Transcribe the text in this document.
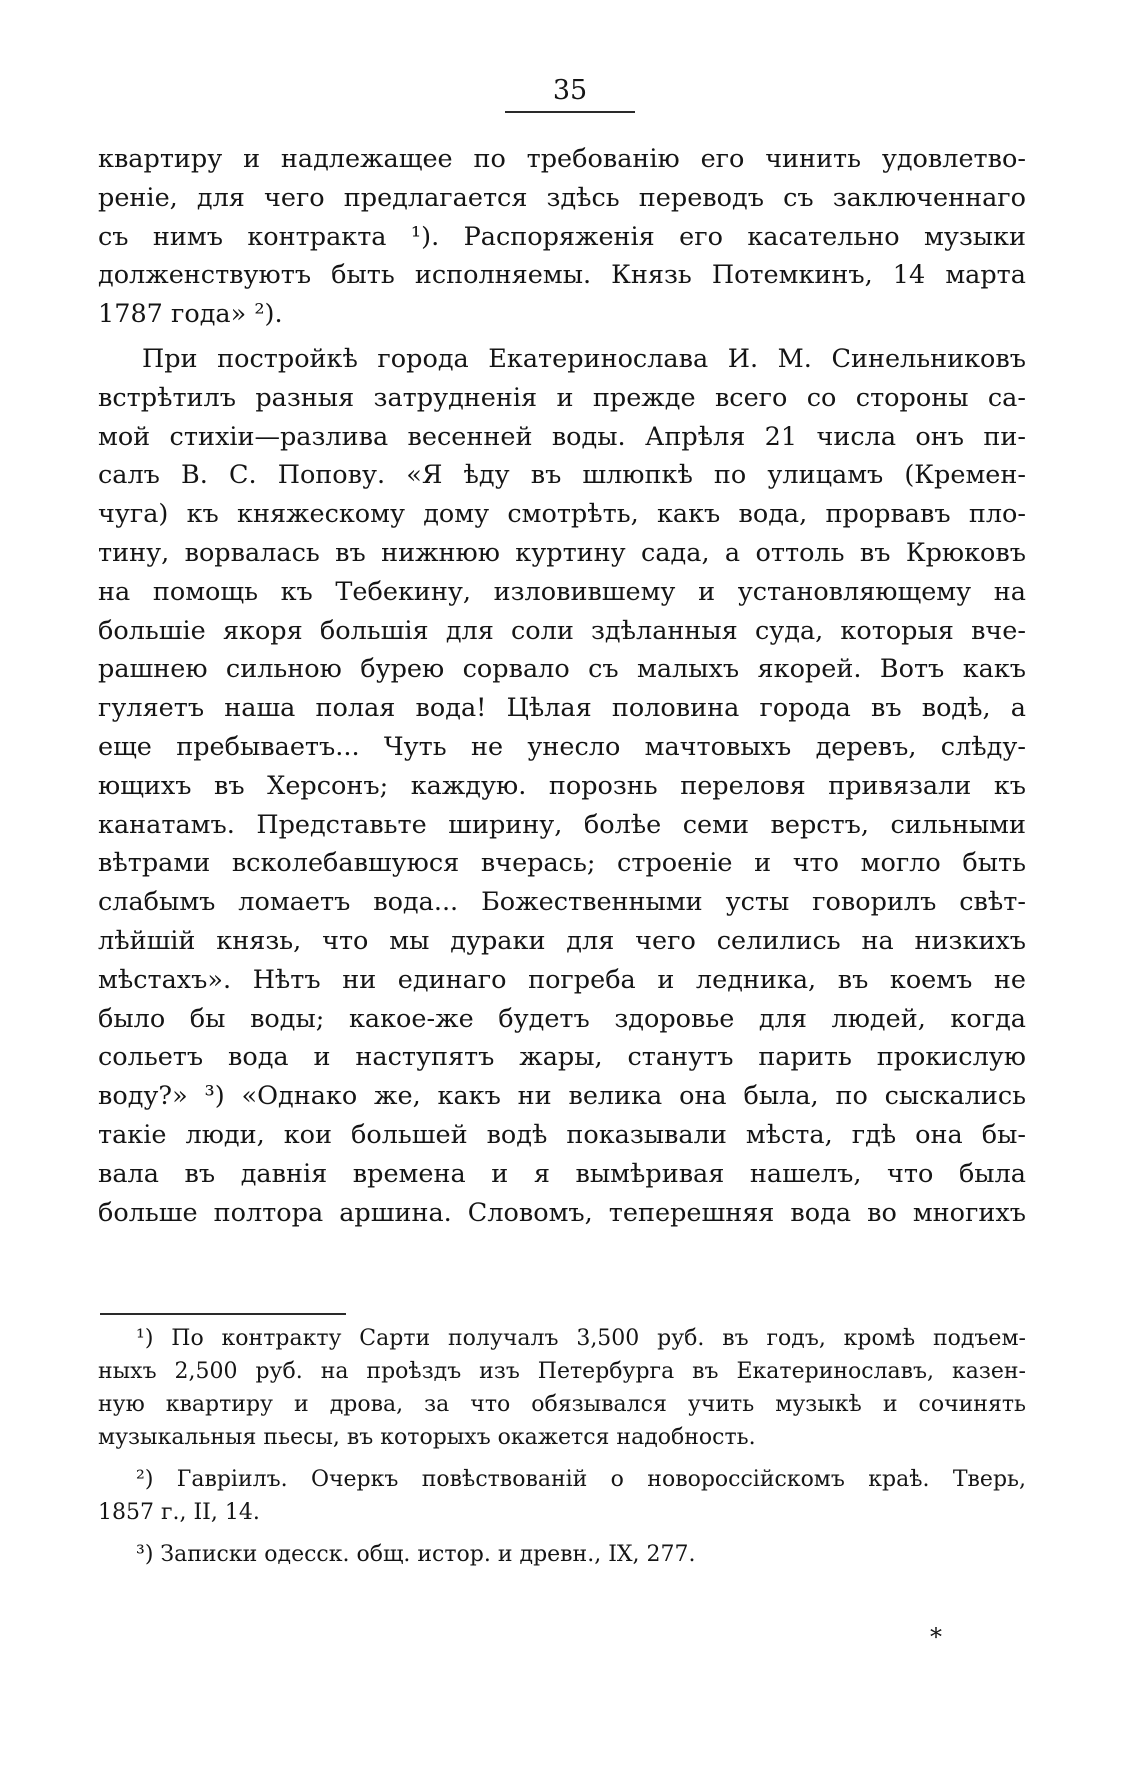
35
квартиру и надлежащее по требованію его чинить удовлетво-
реніе, для чего предлагается здѣсь переводъ съ заключеннаго
съ нимъ контракта ¹). Распоряженія его касательно музыки
долженствуютъ быть исполняемы. Князь Потемкинъ, 14 марта
1787 года» ²).
При постройкѣ города Екатеринослава И. М. Синельниковъ
встрѣтилъ разныя затрудненія и прежде всего со стороны са-
мой стихіи—разлива весенней воды. Апрѣля 21 числа онъ пи-
салъ В. С. Попову. «Я ѣду въ шлюпкѣ по улицамъ (Кремен-
чуга) къ княжескому дому смотрѣть, какъ вода, прорвавъ пло-
тину, ворвалась въ нижнюю куртину сада, а оттоль въ Крюковъ
на помощь къ Тебекину, изловившему и установляющему на
большіе якоря большія для соли здѣланныя суда, которыя вче-
рашнею сильною бурею сорвало съ малыхъ якорей. Вотъ какъ
гуляетъ наша полая вода! Цѣлая половина города въ водѣ, а
еще пребываетъ... Чуть не унесло мачтовыхъ деревъ, слѣду-
ющихъ въ Херсонъ; каждую. порознь переловя привязали къ
канатамъ. Представьте ширину, болѣе семи верстъ, сильными
вѣтрами всколебавшуюся вчерась; строеніе и что могло быть
слабымъ ломаетъ вода... Божественными усты говорилъ свѣт-
лѣйшій князь, что мы дураки для чего селились на низкихъ
мѣстахъ». Нѣтъ ни единаго погреба и ледника, въ коемъ не
было бы воды; какое-же будетъ здоровье для людей, когда
сольетъ вода и наступятъ жары, станутъ парить прокислую
воду?» ³) «Однако же, какъ ни велика она была, по сыскались
такіе люди, кои большей водѣ показывали мѣста, гдѣ она бы-
вала въ давнія времена и я вымѣривая нашелъ, что была
больше полтора аршина. Словомъ, теперешняя вода во многихъ
¹) По контракту Сарти получалъ 3,500 руб. въ годъ, кромѣ подъем-
ныхъ 2,500 руб. на проѣздъ изъ Петербурга въ Екатеринославъ, казен-
ную квартиру и дрова, за что обязывался учить музыкѣ и сочинять
музыкальныя пьесы, въ которыхъ окажется надобность.
²) Гавріилъ. Очеркъ повѣствованій о новороссійскомъ краѣ. Тверь,
1857 г., II, 14.
³) Записки одесск. общ. истор. и древн., IX, 277.
*
